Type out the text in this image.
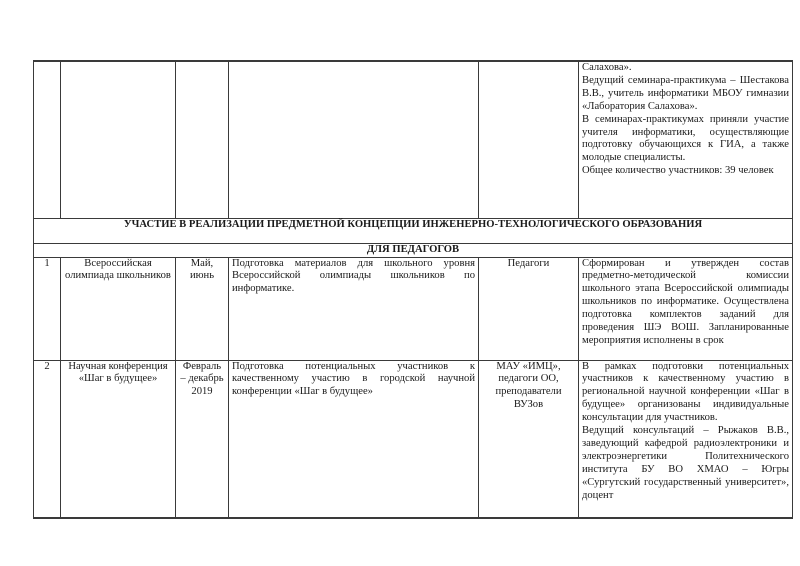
					Салахова».

Ведущий семинара-практикума – Шестакова В.В., учитель информатики МБОУ гимназии «Лаборатория Салахова».

В семинарах-практикумах приняли участие учителя информатики, осуществляющие подготовку обучающихся к ГИА, а также молодые специалисты.

Общее количество участников: 39 человек

УЧАСТИЕ В РЕАЛИЗАЦИИ ПРЕДМЕТНОЙ КОНЦЕПЦИИ ИНЖЕНЕРНО-ТЕХНОЛОГИЧЕСКОГО ОБРАЗОВАНИЯ					
ДЛЯ ПЕДАГОГОВ					
1	Всероссийская олимпиада школьников	Май, июнь	Подготовка материалов для школьного уровня Всероссийской олимпиады школьников по информатике.	Педагоги	Сформирован и утвержден состав предметно-методической комиссии школьного этапа Всероссийской олимпиады школьников по информатике. Осуществлена подготовка комплектов заданий для проведения ШЭ ВОШ. Запланированные мероприятия исполнены в срок

2	Научная конференция «Шаг в будущее»	Февраль – декабрь 2019	Подготовка потенциальных участников к качественному участию в городской научной конференции «Шаг в будущее»	МАУ «ИМЦ», педагоги ОО, преподаватели ВУЗов	В рамках подготовки потенциальных участников к качественному участию в региональной научной конференции «Шаг в будущее» организованы индивидуальные консультации для участников.

Ведущий консультаций – Рыжаков В.В., заведующий кафедрой радиоэлектроники и электроэнергетики Политехнического института БУ ВО ХМАО – Югры «Сургутский государственный университет», доцент
